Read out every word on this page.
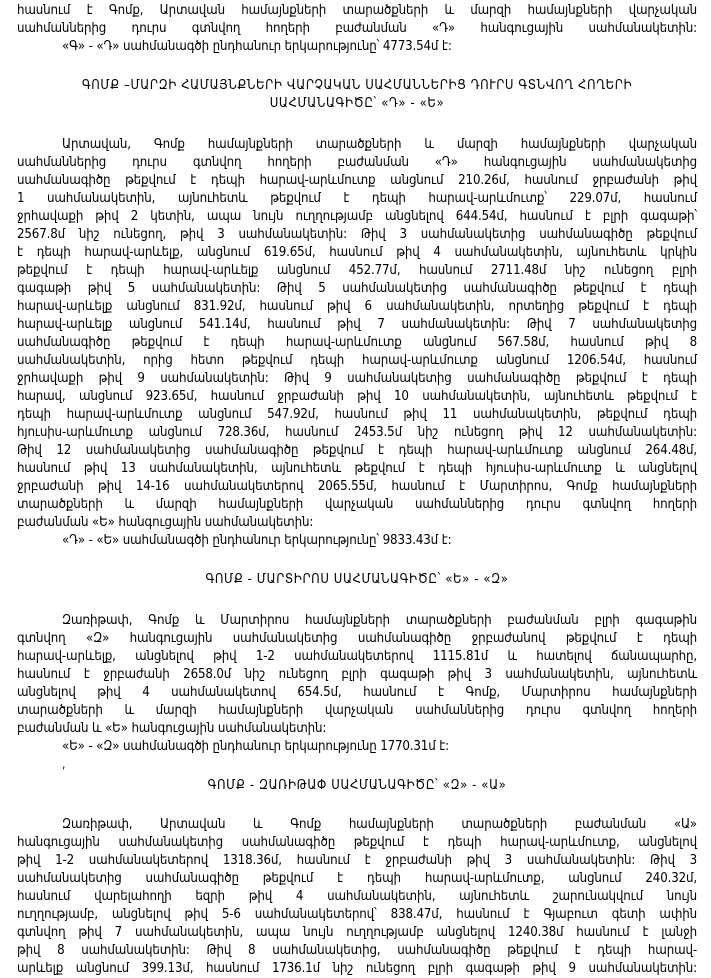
հասնում է Գոմք, Արտավան համայնքների տարածքների և մարզի համայնքների վարչական
սահմաններից դուրս գտնվող հողերի բաժանման «Դ» հանգուցային սահմանակետին:
«Գ» - «Դ» սահմանագծի ընդհանուր երկարությունը՝ 4773.54մ է:
ԳՈՄՔ –ՄԱՐԶԻ ՀԱՄԱՅՆՔՆԵՐԻ ՎԱՐՉԱԿԱՆ ՍԱՀՄԱՆՆԵՐԻՑ ԴՈՒՐՍ ԳՏՆՎՈՂ ՀՈՂԵՐԻ
ՍԱՀՄԱՆԱԳԻԾԸ՝ «Դ» - «Ե»
Արտավան, Գոմք համայնքների տարածքների և մարզի համայնքների վարչական
սահմաններից դուրս գտնվող հողերի բաժանման «Դ» հանգուցային սահմանակետից
սահմանագիծը թեքվում է դեպի հարավ-արևմուտք անցնում 210.26մ, հասնում ջրբաժանի թիվ
1 սահմանակետին, այնուհետև թեքվում է դեպի հարավ-արևմուտք՝ 229.07մ, հասնում
ջրհավաքի թիվ 2 կետին, ապա նույն ուղղությամբ անցնելով 644.54մ, հասնում է բլրի գագաթի՝
2567.8մ նիշ ունեցող, թիվ 3 սահմանակետին: Թիվ 3 սահմանակետից սահմանագիծը թեքվում
է դեպի հարավ-արևելք, անցնում 619.65մ, հասնում թիվ 4 սահմանակետին, այնուհետև կրկին
թեքվում է դեպի հարավ-արևելք անցնում 452.77մ, հասնում 2711.48մ նիշ ունեցող բլրի
գագաթի թիվ 5 սահմանակետին: Թիվ 5 սահմանակետից սահմանագիծը թեքվում է դեպի
հարավ-արևելք անցնում 831.92մ, հասնում թիվ 6 սահմանակետին, որտեղից թեքվում է դեպի
հարավ-արևելք անցնում 541.14մ, հասնում թիվ 7 սահմանակետին: Թիվ 7 սահմանակետից
սահմանագիծը թեքվում է դեպի հարավ-արևմուտք անցնում 567.58մ, հասնում թիվ 8
սահմանակետին, որից հետո թեքվում դեպի հարավ-արևմուտք անցնում 1206.54մ, հասնում
ջրհավաքի թիվ 9 սահմանակետին: Թիվ 9 սահմանակետից սահմանագիծը թեքվում է դեպի
հարավ, անցնում 923.65մ, հասնում ջրբաժանի թիվ 10 սահմանակետին, այնուհետև թեքվում է
դեպի հարավ-արևմուտք անցնում 547.92մ, հասնում թիվ 11 սահմանակետին, թեքվում դեպի
հյուսիս-արևմուտք անցնում 728.36մ, հասնում 2453.5մ նիշ ունեցող թիվ 12 սահմանակետին:
Թիվ 12 սահմանակետից սահմանագիծը թեքվում է դեպի հարավ-արևմուտք անցնում 264.48մ,
հասնում թիվ 13 սահմանակետին, այնուհետև թեքվում է դեպի հյուսիս-արևմուտք և անցնելով
ջրբաժանի թիվ 14-16 սահմանակետերով 2065.55մ, հասնում է Մարտիրոս, Գոմք համայնքների
տարածքների և մարզի համայնքների վարչական սահմաններից դուրս գտնվող հողերի
բաժանման «Ե» հանգուցային սահմանակետին:
«Դ» - «Ե» սահմանագծի ընդհանուր երկարությունը՝ 9833.43մ է:
ԳՈՄՔ - ՄԱՐՏԻՐՈՍ ՍԱՀՄԱՆԱԳԻԾԸ՝ «Ե» - «Զ»
Զառիթափ, Գոմք և Մարտիրոս համայնքների տարածքների բաժանման բլրի գագաթին
գտնվող «Զ» հանգուցային սահմանակետից սահմանագիծը ջրբաժանով թեքվում է դեպի
հարավ-արևելք, անցնելով թիվ 1-2 սահմանակետերով 1115.81մ և հատելով ճանապարհը,
հասնում է ջրբաժանի 2658.0մ նիշ ունեցող բլրի գագաթի թիվ 3 սահմանակետին, այնուհետև
անցնելով թիվ 4 սահմանակետով 654.5մ, հասնում է Գոմք, Մարտիրոս համայնքների
տարածքների և մարզի համայնքների վարչական սահմաններից դուրս գտնվող հողերի
բաժանման և «Ե» հանգուցային սահմանակետին:
«Ե» - «Զ» սահմանագծի ընդհանուր երկարությունը 1770.31մ է:
,
ԳՈՄՔ - ԶԱՌԻԹԱՓ ՍԱՀՄԱՆԱԳԻԾԸ՝ «Զ» - «Ա»
Զառիթափ, Արտավան և Գոմք համայնքների տարածքների բաժանման «Ա»
հանգուցային սահմանակետից սահմանագիծը թեքվում է դեպի հարավ-արևմուտք, անցնելով
թիվ 1-2 սահմանակետերով 1318.36մ, հասնում է ջրբաժանի թիվ 3 սահմանակետին: Թիվ 3
սահմանակետից սահմանագիծը թեքվում է դեպի հարավ-արևմուտք, անցնում 240.32մ,
հասնում վարելահողի եզրի թիվ 4 սահմանակետին, այնուհետև շարունակվում նույն
ուղղությամբ, անցնելով թիվ 5-6 սահմանակետերով՝ 838.47մ, հասնում է Գյաբուտ գետի ափին
գտնվող թիվ 7 սահմանակետին, ապա նույն ուղղությամբ անցնելով 1240.38մ հասնում է լանջի
թիվ 8 սահմանակետին: Թիվ 8 սահմանակետից, սահմանագիծը թեքվում է դեպի հարավ-
արևելք անցնում 399.13մ, հասնում 1736.1մ նիշ ունեցող բլրի գագաթի թիվ 9 սահմանակետին:
